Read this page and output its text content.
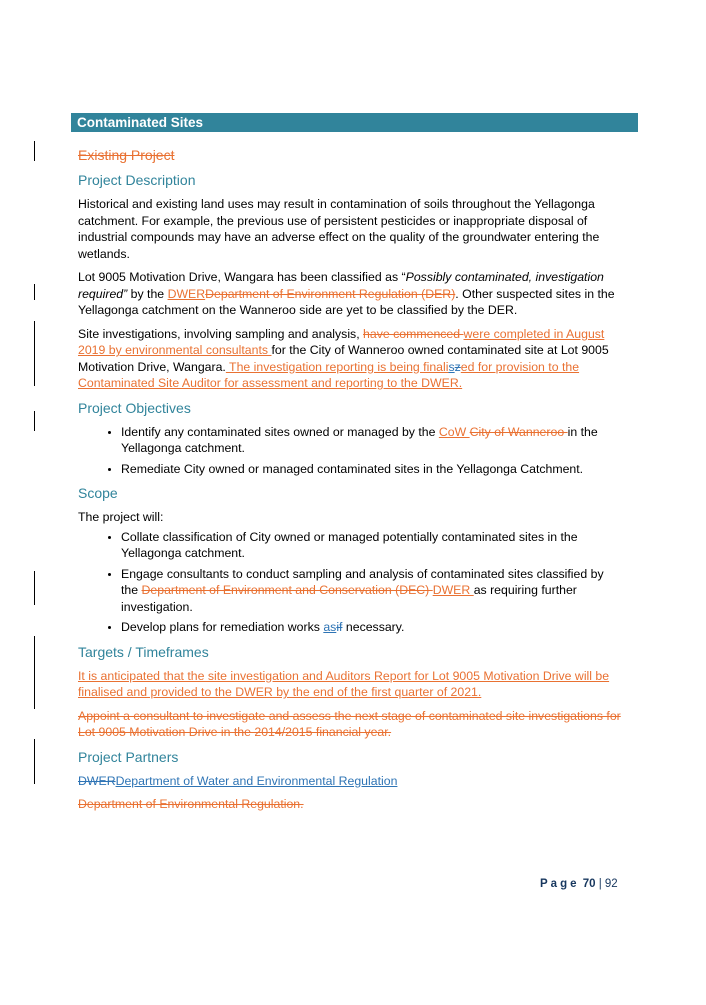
Contaminated Sites
Existing Project
Project Description

Historical and existing land uses may result in contamination of soils throughout the Yellagonga catchment. For example, the previous use of persistent pesticides or inappropriate disposal of industrial compounds may have an adverse effect on the quality of the groundwater entering the wetlands.

Lot 9005 Motivation Drive, Wangara has been classified as “Possibly contaminated, investigation required” by the DWERDepartment of Environment Regulation (DER). Other suspected sites in the Yellagonga catchment on the Wanneroo side are yet to be classified by the DER.

Site investigations, involving sampling and analysis, have commenced were completed in August 2019 by environmental consultants for the City of Wanneroo owned contaminated site at Lot 9005 Motivation Drive, Wangara. The investigation reporting is being finaliszed for provision to the Contaminated Site Auditor for assessment and reporting to the DWER.

Project Objectives
• Identify any contaminated sites owned or managed by the CoW City of Wanneroo in the Yellagonga catchment.
• Remediate City owned or managed contaminated sites in the Yellagonga Catchment.
Scope

The project will:

• Collate classification of City owned or managed potentially contaminated sites in the Yellagonga catchment.
• Engage consultants to conduct sampling and analysis of contaminated sites classified by the Department of Environment and Conservation (DEC) DWER as requiring further investigation.
• Develop plans for remediation works asif necessary.
Targets / Timeframes

It is anticipated that the site investigation and Auditors Report for Lot 9005 Motivation Drive will be finalised and provided to the DWER by the end of the first quarter of 2021.

Appoint a consultant to investigate and assess the next stage of contaminated site investigations for Lot 9005 Motivation Drive in the 2014/2015 financial year.

Project Partners

DWERDepartment of Water and Environmental Regulation

Department of Environmental Regulation.

Page 70 | 92
